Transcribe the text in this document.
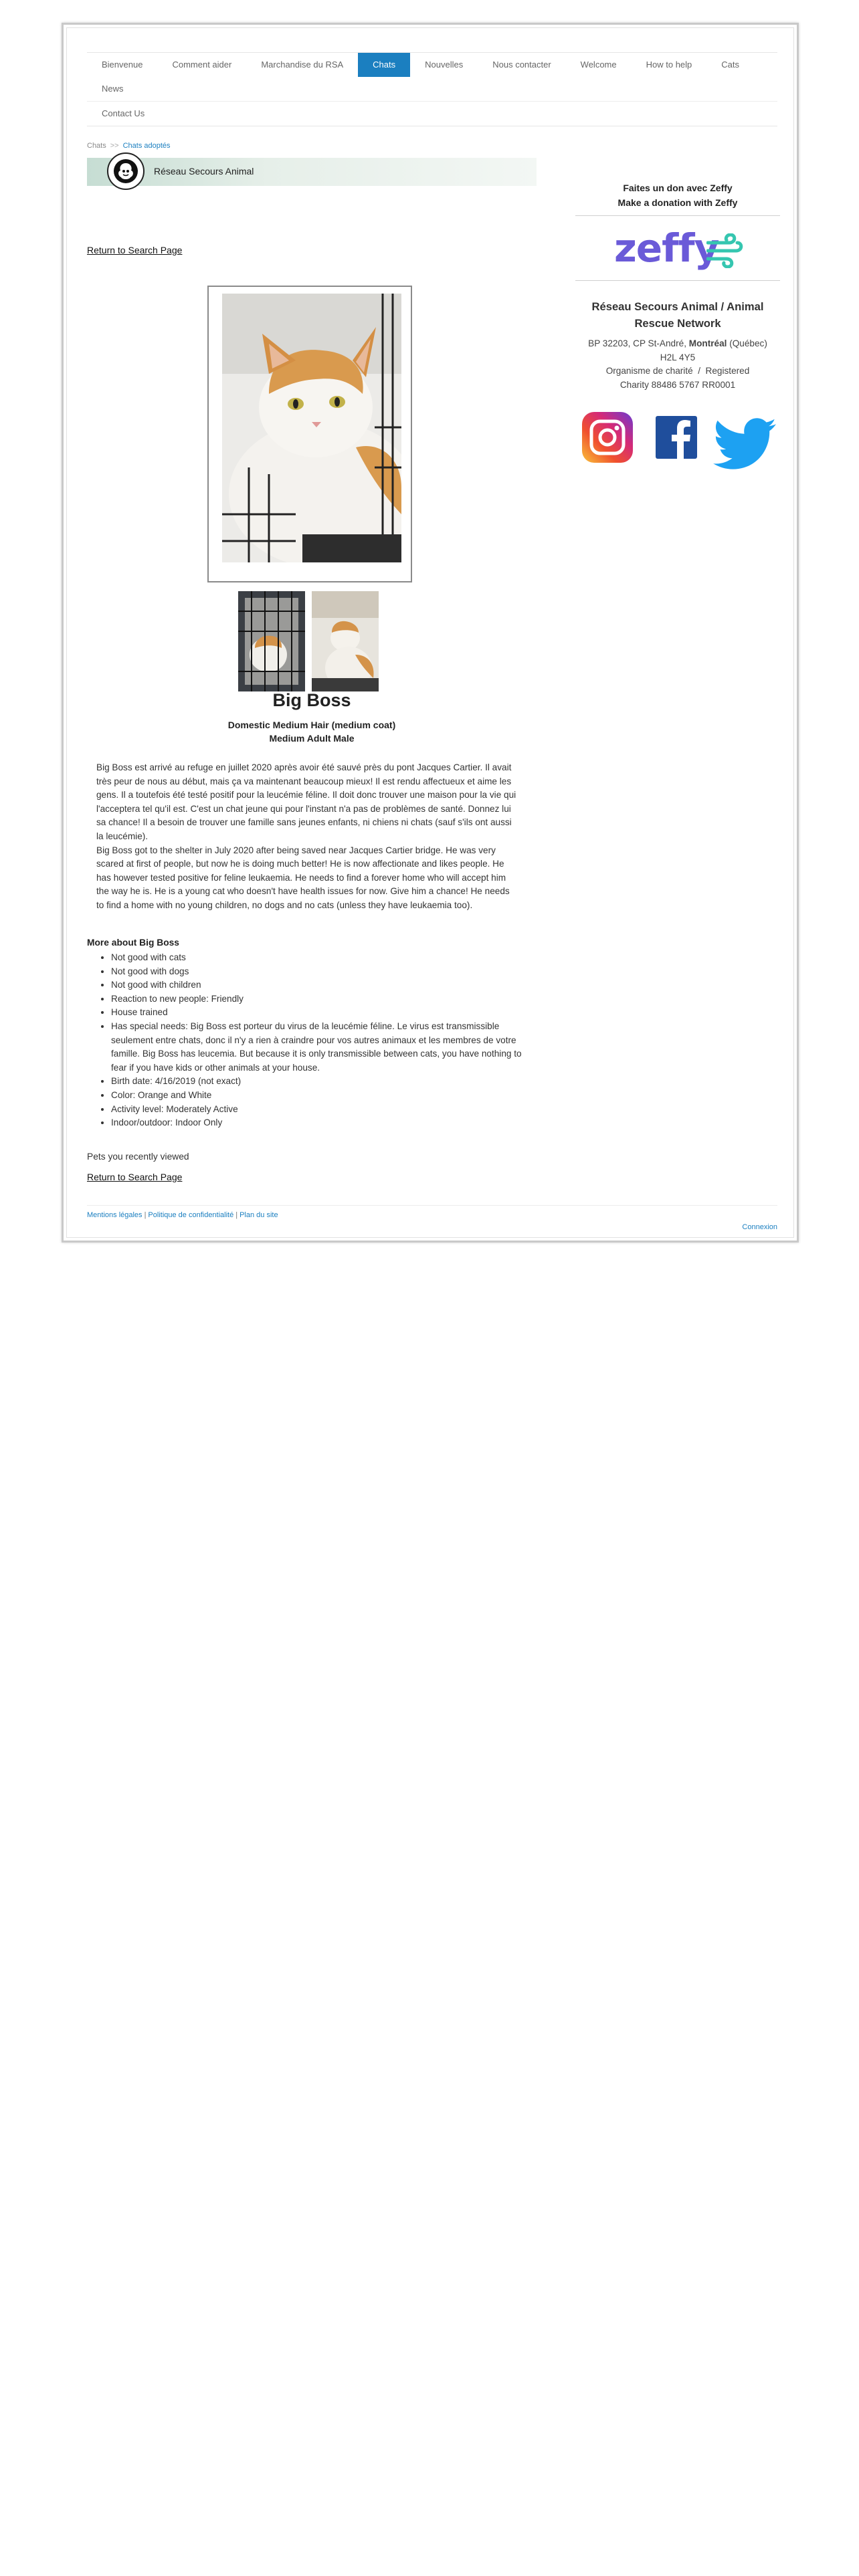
Bienvenue	Comment aider	Marchandise du RSA	Chats	Nouvelles	Nous contacter	Welcome	How to help	Cats
News
Contact Us
Chats >> Chats adoptés
Réseau Secours Animal
Return to Search Page
Big Boss
Domestic Medium Hair (medium coat)
Medium Adult Male

Big Boss est arrivé au refuge en juillet 2020 après avoir été sauvé près du pont Jacques Cartier. Il avait très peur de nous au début, mais ça va maintenant beaucoup mieux! Il est rendu affectueux et aime les gens. Il a toutefois été testé positif pour la leucémie féline. Il doit donc trouver une maison pour la vie qui l'acceptera tel qu'il est. C'est un chat jeune qui pour l'instant n'a pas de problèmes de santé. Donnez lui sa chance! Il a besoin de trouver une famille sans jeunes enfants, ni chiens ni chats (sauf s'ils ont aussi la leucémie).

Big Boss got to the shelter in July 2020 after being saved near Jacques Cartier bridge. He was very scared at first of people, but now he is doing much better! He is now affectionate and likes people. He has however tested positive for feline leukaemia. He needs to find a forever home who will accept him the way he is. He is a young cat who doesn't have health issues for now. Give him a chance! He needs to find a home with no young children, no dogs and no cats (unless they have leukaemia too).

More about Big Boss
• Not good with cats
• Not good with dogs
• Not good with children
• Reaction to new people: Friendly
• House trained
• Has special needs: Big Boss est porteur du virus de la leucémie féline. Le virus est transmissible seulement entre chats, donc il n'y a rien à craindre pour vos autres animaux et les membres de votre famille. Big Boss has leucemia. But because it is only transmissible between cats, you have nothing to fear if you have kids or other animals at your house.
• Birth date: 4/16/2019 (not exact)
• Color: Orange and White
• Activity level: Moderately Active
• Indoor/outdoor: Indoor Only
Pets you recently viewed
Return to Search Page
Faites un don avec Zeffy
Make a donation with Zeffy
zeffy
Réseau Secours Animal / Animal Rescue Network
BP 32203, CP St-André, Montréal (Québec)
H2L 4Y5
Organisme de charité  /  Registered
Charity 88486 5767 RR0001
Mentions légales | Politique de confidentialité | Plan du site
Connexion
